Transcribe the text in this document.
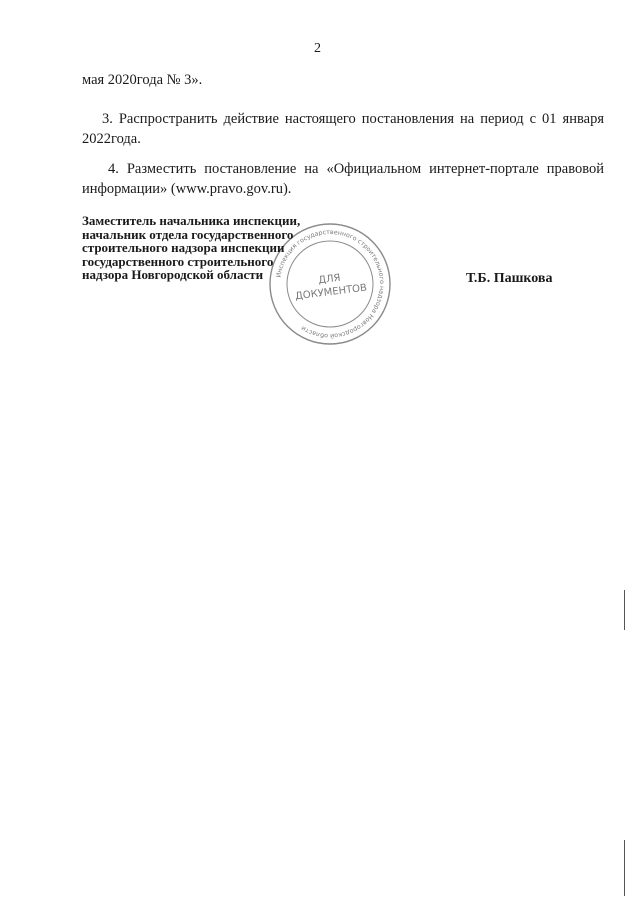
2
мая 2020года № 3».
3. Распространить действие настоящего постановления на период с 01 января
2022года.
4. Разместить постановление на «Официальном интернет-портале правовой
информации» (www.pravo.gov.ru).
Инспекция государственного строительного надзора Новгородской области
ДЛЯ
ДОКУМЕНТОВ
Заместитель начальника инспекции,
начальник отдела государственного
строительного надзора инспекции
государственного строительного
надзора Новгородской области	Т.Б. Пашкова
